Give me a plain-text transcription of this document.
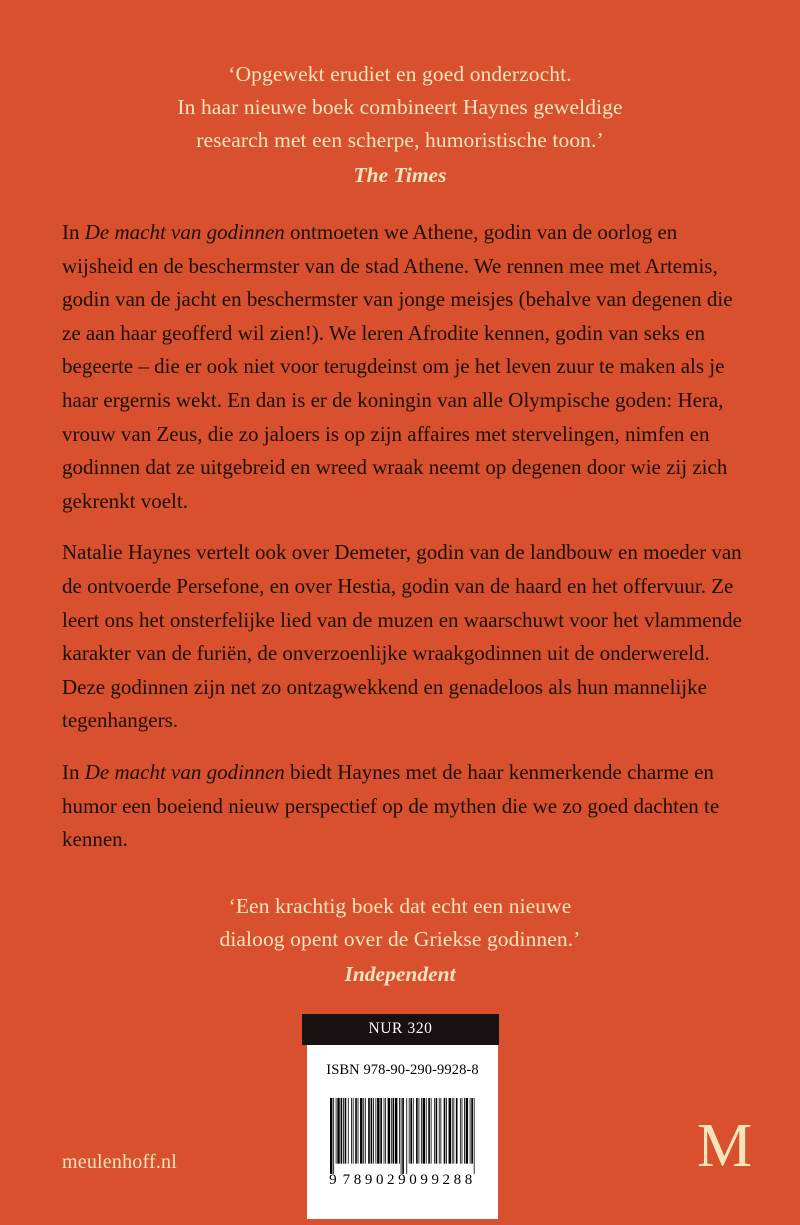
‘Opgewekt erudiet en goed onderzocht.
In haar nieuwe boek combineert Haynes geweldige
research met een scherpe, humoristische toon.’
The Times

In De macht van godinnen ontmoeten we Athene, godin van de oorlog en wijsheid en de beschermster van de stad Athene. We rennen mee met Artemis, godin van de jacht en beschermster van jonge meisjes (behalve van degenen die ze aan haar geofferd wil zien!). We leren Afrodite kennen, godin van seks en begeerte – die er ook niet voor terugdeinst om je het leven zuur te maken als je haar ergernis wekt. En dan is er de koningin van alle Olympische goden: Hera, vrouw van Zeus, die zo jaloers is op zijn affaires met stervelingen, nimfen en godinnen dat ze uitgebreid en wreed wraak neemt op degenen door wie zij zich gekrenkt voelt.

Natalie Haynes vertelt ook over Demeter, godin van de landbouw en moeder van de ontvoerde Persefone, en over Hestia, godin van de haard en het offervuur. Ze leert ons het onsterfelijke lied van de muzen en waarschuwt voor het vlammende karakter van de furiën, de onverzoenlijke wraakgodinnen uit de onderwereld. Deze godinnen zijn net zo ontzagwekkend en genadeloos als hun mannelijke tegenhangers.

In De macht van godinnen biedt Haynes met de haar kenmerkende charme en humor een boeiend nieuw perspectief op de mythen die we zo goed dachten te kennen.

‘Een krachtig boek dat echt een nieuwe
dialoog opent over de Griekse godinnen.’
Independent
NUR 320
ISBN 978-90-290-9928-8
9789029099288
meulenhoff.nl	M
